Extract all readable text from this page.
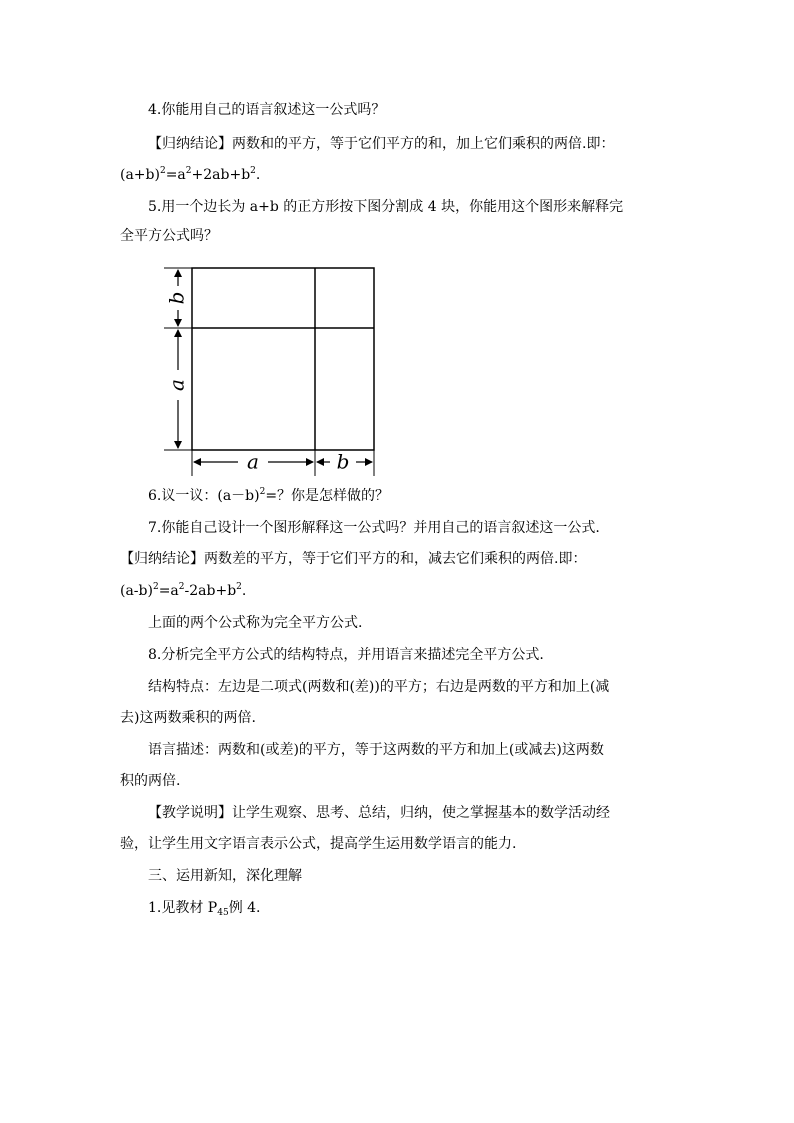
4.你能用自己的语言叙述这一公式吗？
【归纳结论】两数和的平方，等于它们平方的和，加上它们乘积的两倍.即：
$(a+b)^2=a^2+2ab+b^2$.
5.用一个边长为 a+b 的正方形按下图分割成 4 块，你能用这个图形来解释完
全平方公式吗？
b
a
a	b
6.议一议：$(a-b)^2=$？你是怎样做的？
7.你能自己设计一个图形解释这一公式吗？并用自己的语言叙述这一公式.
【归纳结论】两数差的平方，等于它们平方的和，减去它们乘积的两倍.即：
$(a-b)^2=a^2-2ab+b^2$.
上面的两个公式称为完全平方公式.
8.分析完全平方公式的结构特点，并用语言来描述完全平方公式.
结构特点：左边是二项式(两数和(差))的平方；右边是两数的平方和加上(减
去)这两数乘积的两倍.
语言描述：两数和(或差)的平方，等于这两数的平方和加上(或减去)这两数
积的两倍.
【教学说明】让学生观察、思考、总结，归纳，使之掌握基本的数学活动经
验，让学生用文字语言表示公式，提高学生运用数学语言的能力.
三、运用新知，深化理解
1.见教材 $P_{45}$例 4.
